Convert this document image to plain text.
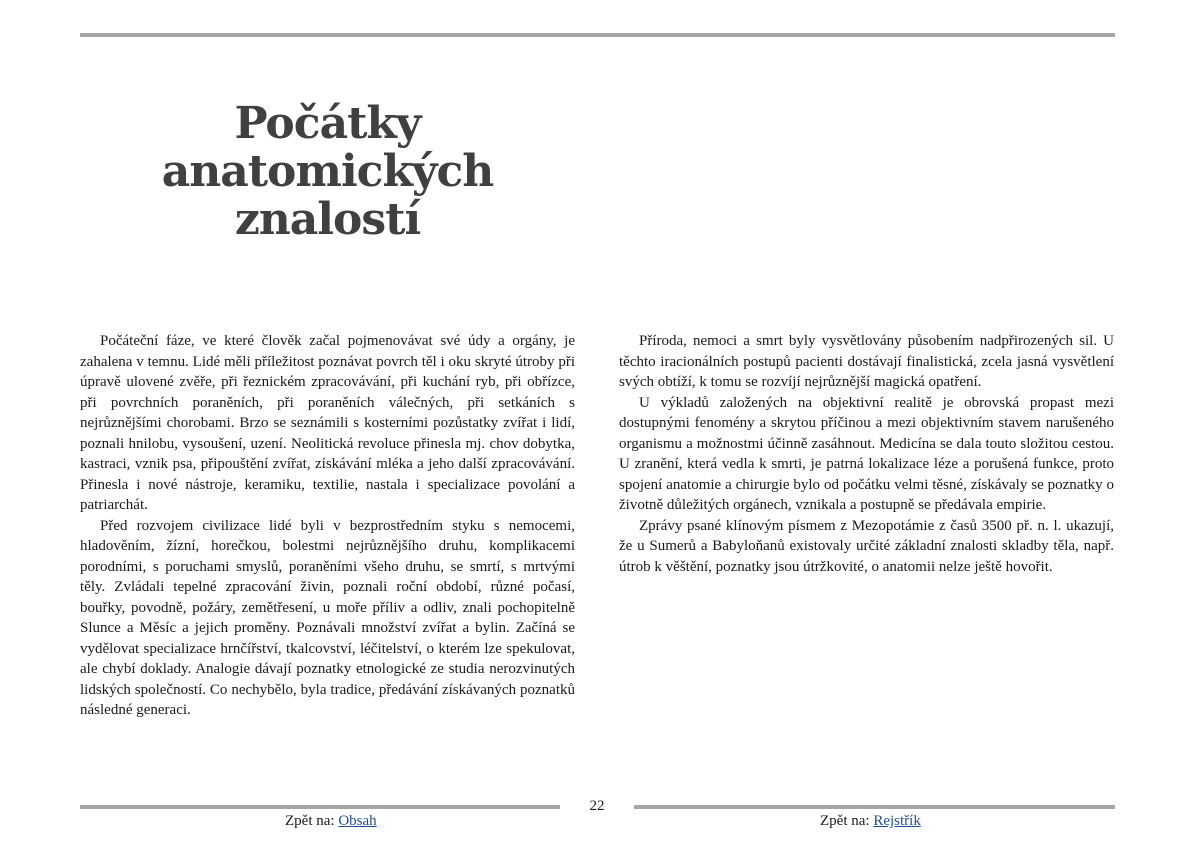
Počátky
anatomických
znalostí

Počáteční fáze, ve které člověk začal pojmenovávat své údy a orgány, je zahalena v temnu. Lidé měli příležitost poznávat povrch těl i oku skryté útroby při úpravě ulovené zvěře, při řeznickém zpracovávání, při kuchání ryb, při obřízce, při povrchních poraněních, při poraněních válečných, při setkáních s nejrůznějšími chorobami. Brzo se seznámili s kosterními pozůstatky zvířat i lidí, poznali hnilobu, vysoušení, uzení. Neolitická revoluce přinesla mj. chov dobytka, kastraci, vznik psa, připouštění zvířat, získávání mléka a jeho další zpracovávání. Přinesla i nové nástroje, keramiku, textilie, nastala i specializace povolání a patriarchát.

Před rozvojem civilizace lidé byli v bezprostředním styku s nemocemi, hladověním, žízní, horečkou, bolestmi nejrůznějšího druhu, komplikacemi porodními, s poruchami smyslů, poraněními všeho druhu, se smrtí, s mrtvými těly. Zvládali tepelné zpracování živin, poznali roční období, různé počasí, bouřky, povodně, požáry, zemětřesení, u moře příliv a odliv, znali pochopitelně Slunce a Měsíc a jejich proměny. Poznávali množství zvířat a bylin. Začíná se vydělovat specializace hrnčířství, tkalcovství, léčitelství, o kterém lze spekulovat, ale chybí doklady. Analogie dávají poznatky etnologické ze studia nerozvinutých lidských společností. Co nechybělo, byla tradice, předávání získávaných poznatků následné generaci.

Příroda, nemoci a smrt byly vysvětlovány působením nadpřirozených sil. U těchto iracionálních postupů pacienti dostávají finalistická, zcela jasná vysvětlení svých obtíží, k tomu se rozvíjí nejrůznější magická opatření.

U výkladů založených na objektivní realitě je obrovská propast mezi dostupnými fenomény a skrytou příčinou a mezi objektivním stavem narušeného organismu a možnostmi účinně zasáhnout. Medicína se dala touto složitou cestou. U zranění, která vedla k smrti, je patrná lokalizace léze a porušená funkce, proto spojení anatomie a chirurgie bylo od počátku velmi těsné, získávaly se poznatky o životně důležitých orgánech, vznikala a postupně se předávala empirie.

Zprávy psané klínovým písmem z Mezopotámie z časů 3500 př. n. l. ukazují, že u Sumerů a Babyloňanů existovaly určité základní znalosti skladby těla, např. útrob k věštění, poznatky jsou útržkovité, o anatomii nelze ještě hovořit.

22
Zpět na: Obsah	Zpět na: Rejstřík
